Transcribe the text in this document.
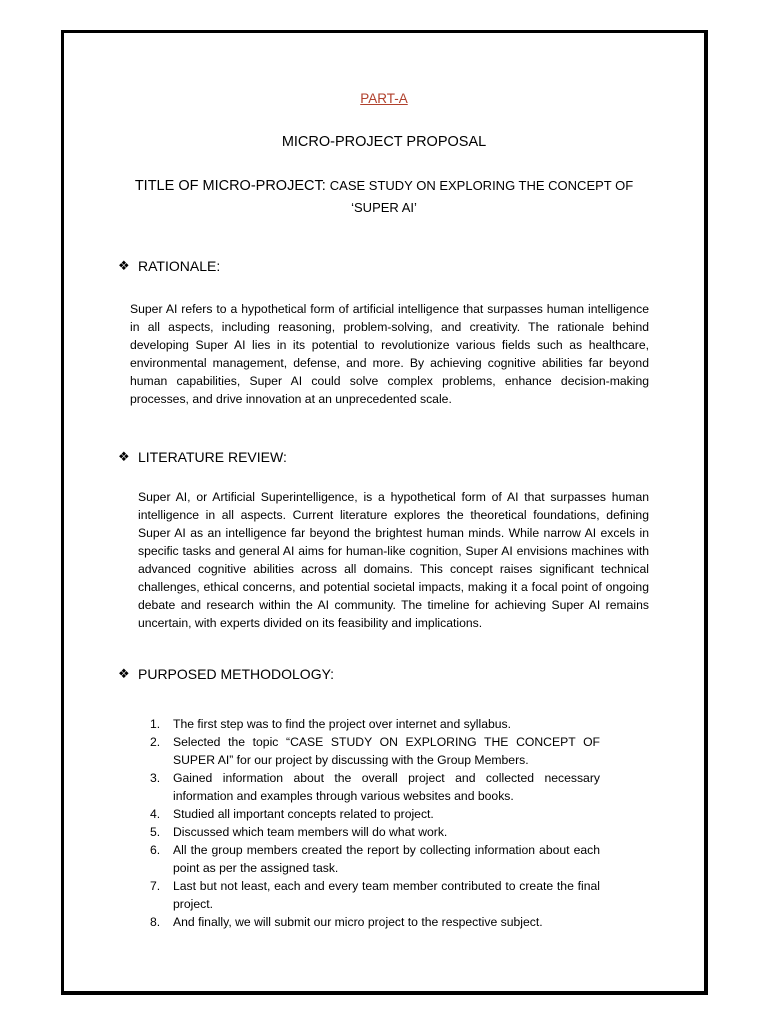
PART-A
MICRO-PROJECT PROPOSAL
TITLE OF MICRO-PROJECT: CASE STUDY ON EXPLORING THE CONCEPT OF
‘SUPER AI’
❖ RATIONALE:
Super AI refers to a hypothetical form of artificial intelligence that surpasses human intelligence in all aspects, including reasoning, problem-solving, and creativity. The rationale behind developing Super AI lies in its potential to revolutionize various fields such as healthcare, environmental management, defense, and more. By achieving cognitive abilities far beyond human capabilities, Super AI could solve complex problems, enhance decision-making processes, and drive innovation at an unprecedented scale.
❖ LITERATURE REVIEW:
Super AI, or Artificial Superintelligence, is a hypothetical form of AI that surpasses human intelligence in all aspects. Current literature explores the theoretical foundations, defining Super AI as an intelligence far beyond the brightest human minds. While narrow AI excels in specific tasks and general AI aims for human-like cognition, Super AI envisions machines with advanced cognitive abilities across all domains. This concept raises significant technical challenges, ethical concerns, and potential societal impacts, making it a focal point of ongoing debate and research within the AI community. The timeline for achieving Super AI remains uncertain, with experts divided on its feasibility and implications.
❖ PURPOSED METHODOLOGY:
1.	The first step was to find the project over internet and syllabus.
2.	Selected the topic “CASE STUDY ON EXPLORING THE CONCEPT OF SUPER AI” for our project by discussing with the Group Members.
3.	Gained information about the overall project and collected necessary information and examples through various websites and books.
4.	Studied all important concepts related to project.
5.	Discussed which team members will do what work.
6.	All the group members created the report by collecting information about each point as per the assigned task.
7.	Last but not least, each and every team member contributed to create the final project.
8.	And finally, we will submit our micro project to the respective subject.
